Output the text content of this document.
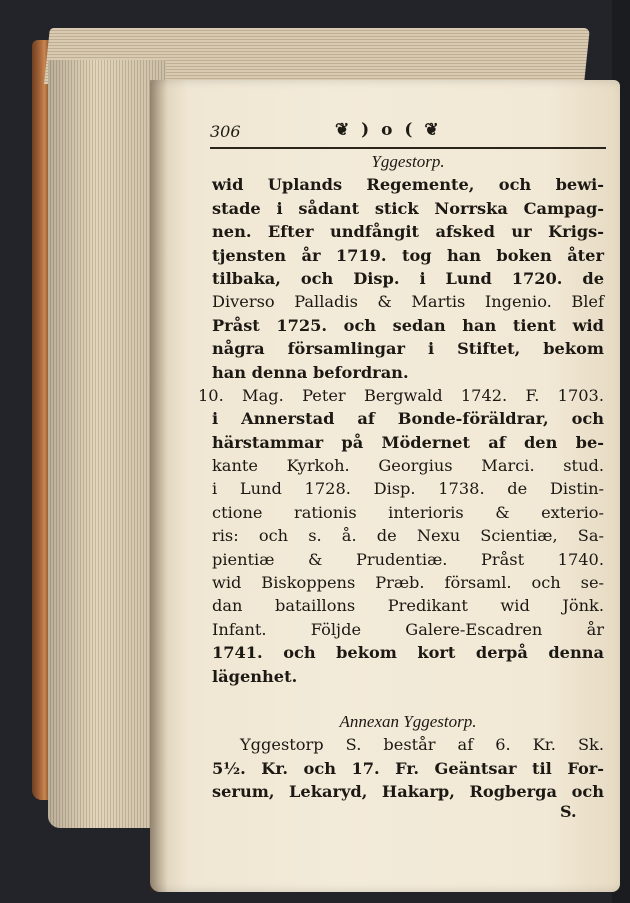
306	❦ ) o ( ❦
Yggestorp.
wid Uplands Regemente, och bewi-
stade i sådant stick Norrska Campag-
nen. Efter undfångit afsked ur Krigs-
tjensten år 1719. tog han boken åter
tilbaka, och Disp. i Lund 1720. de
Diverso Palladis & Martis Ingenio. Blef
Pråst 1725. och sedan han tient wid
några församlingar i Stiftet, bekom
han denna befordran.
10. Mag. Peter Bergwald 1742. F. 1703.
i Annerstad af Bonde-föräldrar, och
härstammar på Mödernet af den be-
kante Kyrkoh. Georgius Marci. stud.
i Lund 1728. Disp. 1738. de Distin-
ctione rationis interioris & exterio-
ris: och s. å. de Nexu Scientiæ, Sa-
pientiæ & Prudentiæ. Pråst 1740.
wid Biskoppens Præb. församl. och se-
dan bataillons Predikant wid Jönk.
Infant. Följde Galere-Escadren år
1741. och bekom kort derpå denna
lägenhet.
Annexan Yggestorp.
Yggestorp S. består af 6. Kr. Sk.
5½. Kr. och 17. Fr. Geäntsar til For-
serum, Lekaryd, Hakarp, Rogberga och
S.
